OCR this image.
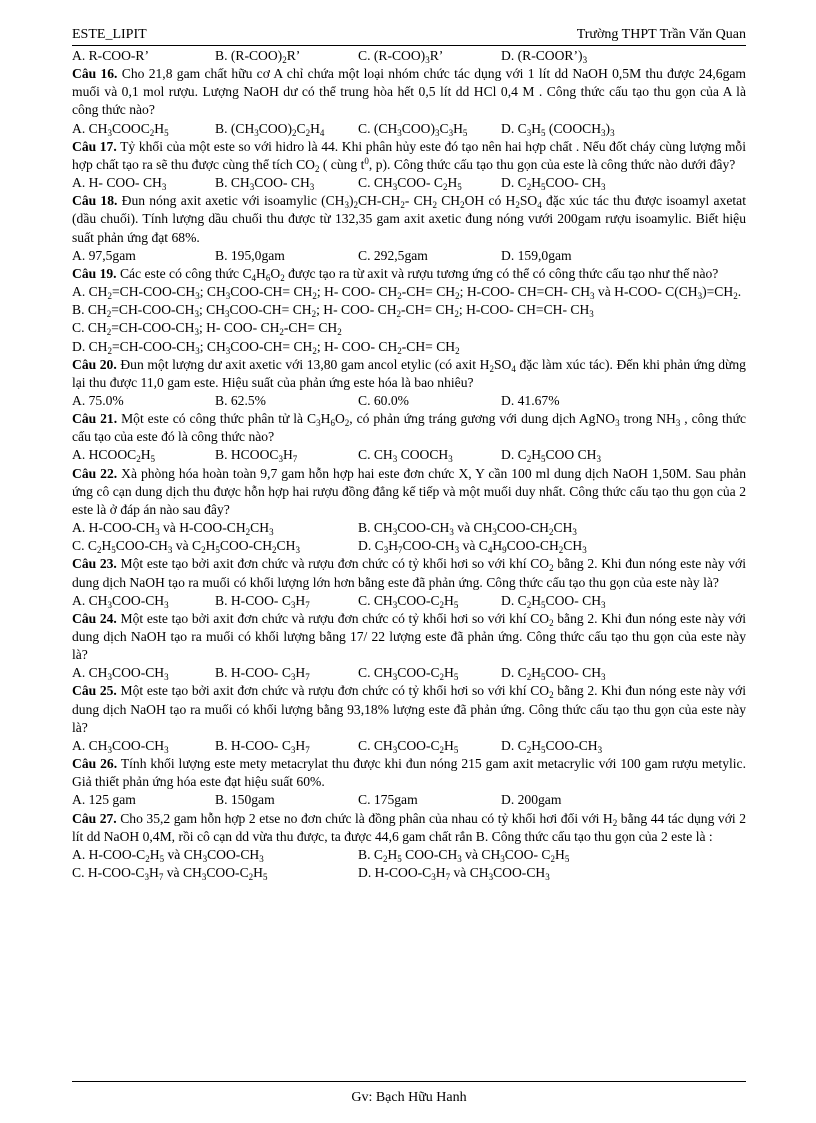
ESTE_LIPIT	Trường THPT Trần Văn Quan
A. R-COO-R’	B. $(R-COO)_2R$’	C. $(R-COO)_3R$’	D. $(R-COOR’)_3$
Câu 16. Cho 21,8 gam chất hữu cơ A chỉ chứa một loại nhóm chức tác dụng với 1 lít dd NaOH 0,5M thu được 24,6gam muối và 0,1 mol rượu. Lượng NaOH dư có thể trung hòa hết 0,5 lít dd HCl 0,4 M . Công thức cấu tạo thu gọn của A là công thức nào?
A. $CH_3COOC_2H_5$	B. $(CH_3COO)_2C_2H_4$	C. $(CH_3COO)_3C_3H_5$	D. $C_3H_5$ $(COOCH_3)_3$
Câu 17. Tỷ khối của một este so với hidro là 44. Khi phân hủy este đó tạo nên hai hợp chất . Nếu đốt cháy cùng lượng mỗi hợp chất tạo ra sẽ thu được cùng thể tích $CO_2$ ( cùng $t^0$, p). Công thức cấu tạo thu gọn của este là công thức nào dưới đây?
A. H- COO- $CH_3$	B. $CH_3COO-$ $CH_3$	C. $CH_3COO-$ $C_2H_5$	D. $C_2H_5COO-$ $CH_3$
Câu 18. Đun nóng axit axetic với isoamylic $(CH_3)_2CH-CH_2-$ $CH_2$ $CH_2OH$ có $H_2SO_4$ đặc xúc tác thu được isoamyl axetat (dầu chuối). Tính lượng dầu chuối thu được từ 132,35 gam axit axetic đung nóng vưới 200gam rượu isoamylic. Biết hiệu suất phản ứng đạt 68%.
A. 97,5gam	B. 195,0gam	C. 292,5gam	D. 159,0gam
Câu 19. Các este có công thức $C_4H_6O_2$ được tạo ra từ axit và rượu tương ứng có thể có công thức cấu tạo như thế nào?
A. $CH_2=CH-COO-CH_3$; $CH_3COO-CH= CH_2$; H- COO- $CH_2-CH= CH_2$; H-COO- CH=CH- $CH_3$ và H-COO- $C(CH_3)=CH_2$.
B. $CH_2=CH-COO-CH_3$; $CH_3COO-CH= CH_2$; H- COO- $CH_2-CH= CH_2$; H-COO- CH=CH- $CH_3$
C. $CH_2=CH-COO-CH_3$; H- COO- $CH_2-CH= CH_2$
D. $CH_2=CH-COO-CH_3$; $CH_3COO-CH= CH_2$; H- COO- $CH_2-CH= CH_2$
Câu 20. Đun một lượng dư axit axetic với 13,80 gam ancol etylic (có axit $H_2SO_4$ đặc làm xúc tác). Đến khi phản ứng dừng lại thu được 11,0 gam este. Hiệu suất của phản ứng este hóa là bao nhiêu?
A. 75.0%	B. 62.5%	C. 60.0%	D. 41.67%
Câu 21. Một este có công thức phân tử là $C_3H_6O_2$, có phản ứng tráng gương với dung dịch AgNO$_3$ trong $NH_3$ , công thức cấu tạo của este đó là công thức nào?
A. $HCOOC_2H_5$	B. $HCOOC_3H_7$	C. $CH_3$ $COOCH_3$	D. $C_2H_5COO$ $CH_3$
Câu 22. Xà phòng hóa hoàn toàn 9,7 gam hỗn hợp hai este đơn chức X, Y cần 100 ml dung dịch NaOH 1,50M. Sau phản ứng cô cạn dung dịch thu được hỗn hợp hai rượu đồng đẳng kế tiếp và một muối duy nhất. Công thức cấu tạo thu gọn của 2 este là ở đáp án nào sau đây?
A. $H-COO-CH_3$ và $H-COO-CH_2CH_3$	B. $CH_3COO-CH_3$ và $CH_3COO-CH_2CH_3$
C. $C_2H_5COO-CH_3$ và $C_2H_5COO-CH_2CH_3$	D. $C_3H_7COO-CH_3$ và $C_4H_9COO-CH_2CH_3$
Câu 23. Một este tạo bởi axit đơn chức và rượu đơn chức có tỷ khối hơi so với khí $CO_2$ bằng 2. Khi đun nóng este này với dung dịch NaOH tạo ra muối có khối lượng lớn hơn bằng este đã phản ứng. Công thức cấu tạo thu gọn của este này là?
A. $CH_3COO-CH_3$	B. H-COO- $C_3H_7$	C. $CH_3COO-C_2H_5$	D. $C_2H_5COO-$ $CH_3$
Câu 24. Một este tạo bởi axit đơn chức và rượu đơn chức có tỷ khối hơi so với khí $CO_2$ bằng 2. Khi đun nóng este này với dung dịch NaOH tạo ra muối có khối lượng bằng 17/ 22 lượng este đã phản ứng. Công thức cấu tạo thu gọn của este này là?
A. $CH_3COO-CH_3$	B. H-COO- $C_3H_7$	C. $CH_3COO-C_2H_5$	D. $C_2H_5COO-$ $CH_3$
Câu 25. Một este tạo bởi axit đơn chức và rượu đơn chức có tỷ khối hơi so với khí $CO_2$ bằng 2. Khi đun nóng este này với dung dịch NaOH tạo ra muối có khối lượng bằng 93,18% lượng este đã phản ứng. Công thức cấu tạo thu gọn của este này là?
A. $CH_3COO-CH_3$	B. H-COO- $C_3H_7$	C. $CH_3COO-C_2H_5$	D. $C_2H_5COO-CH_3$
Câu 26. Tính khối lượng este mety metacrylat thu được khi đun nóng 215 gam axit metacrylic với 100 gam rượu metylic. Giả thiết phản ứng hóa este đạt hiệu suất 60%.
A. 125 gam	B. 150gam	C. 175gam	D. 200gam
Câu 27. Cho 35,2 gam hỗn hợp 2 etse no đơn chức là đồng phân của nhau có tỷ khối hơi đối với $H_2$ bằng 44 tác dụng với 2 lít dd NaOH 0,4M, rồi cô cạn dd vừa thu được, ta được 44,6 gam chất rắn B. Công thức cấu tạo thu gọn của 2 este là :
A. $H-COO-C_2H_5$ và $CH_3COO-CH_3$	B. $C_2H_5$ COO-$CH_3$ và $CH_3COO-$ $C_2H_5$
C. $H-COO-C_3H_7$ và $CH_3COO-C_2H_5$	D. $H-COO-C_3H_7$ và $CH_3COO-CH_3$
Gv: Bạch Hữu Hanh
